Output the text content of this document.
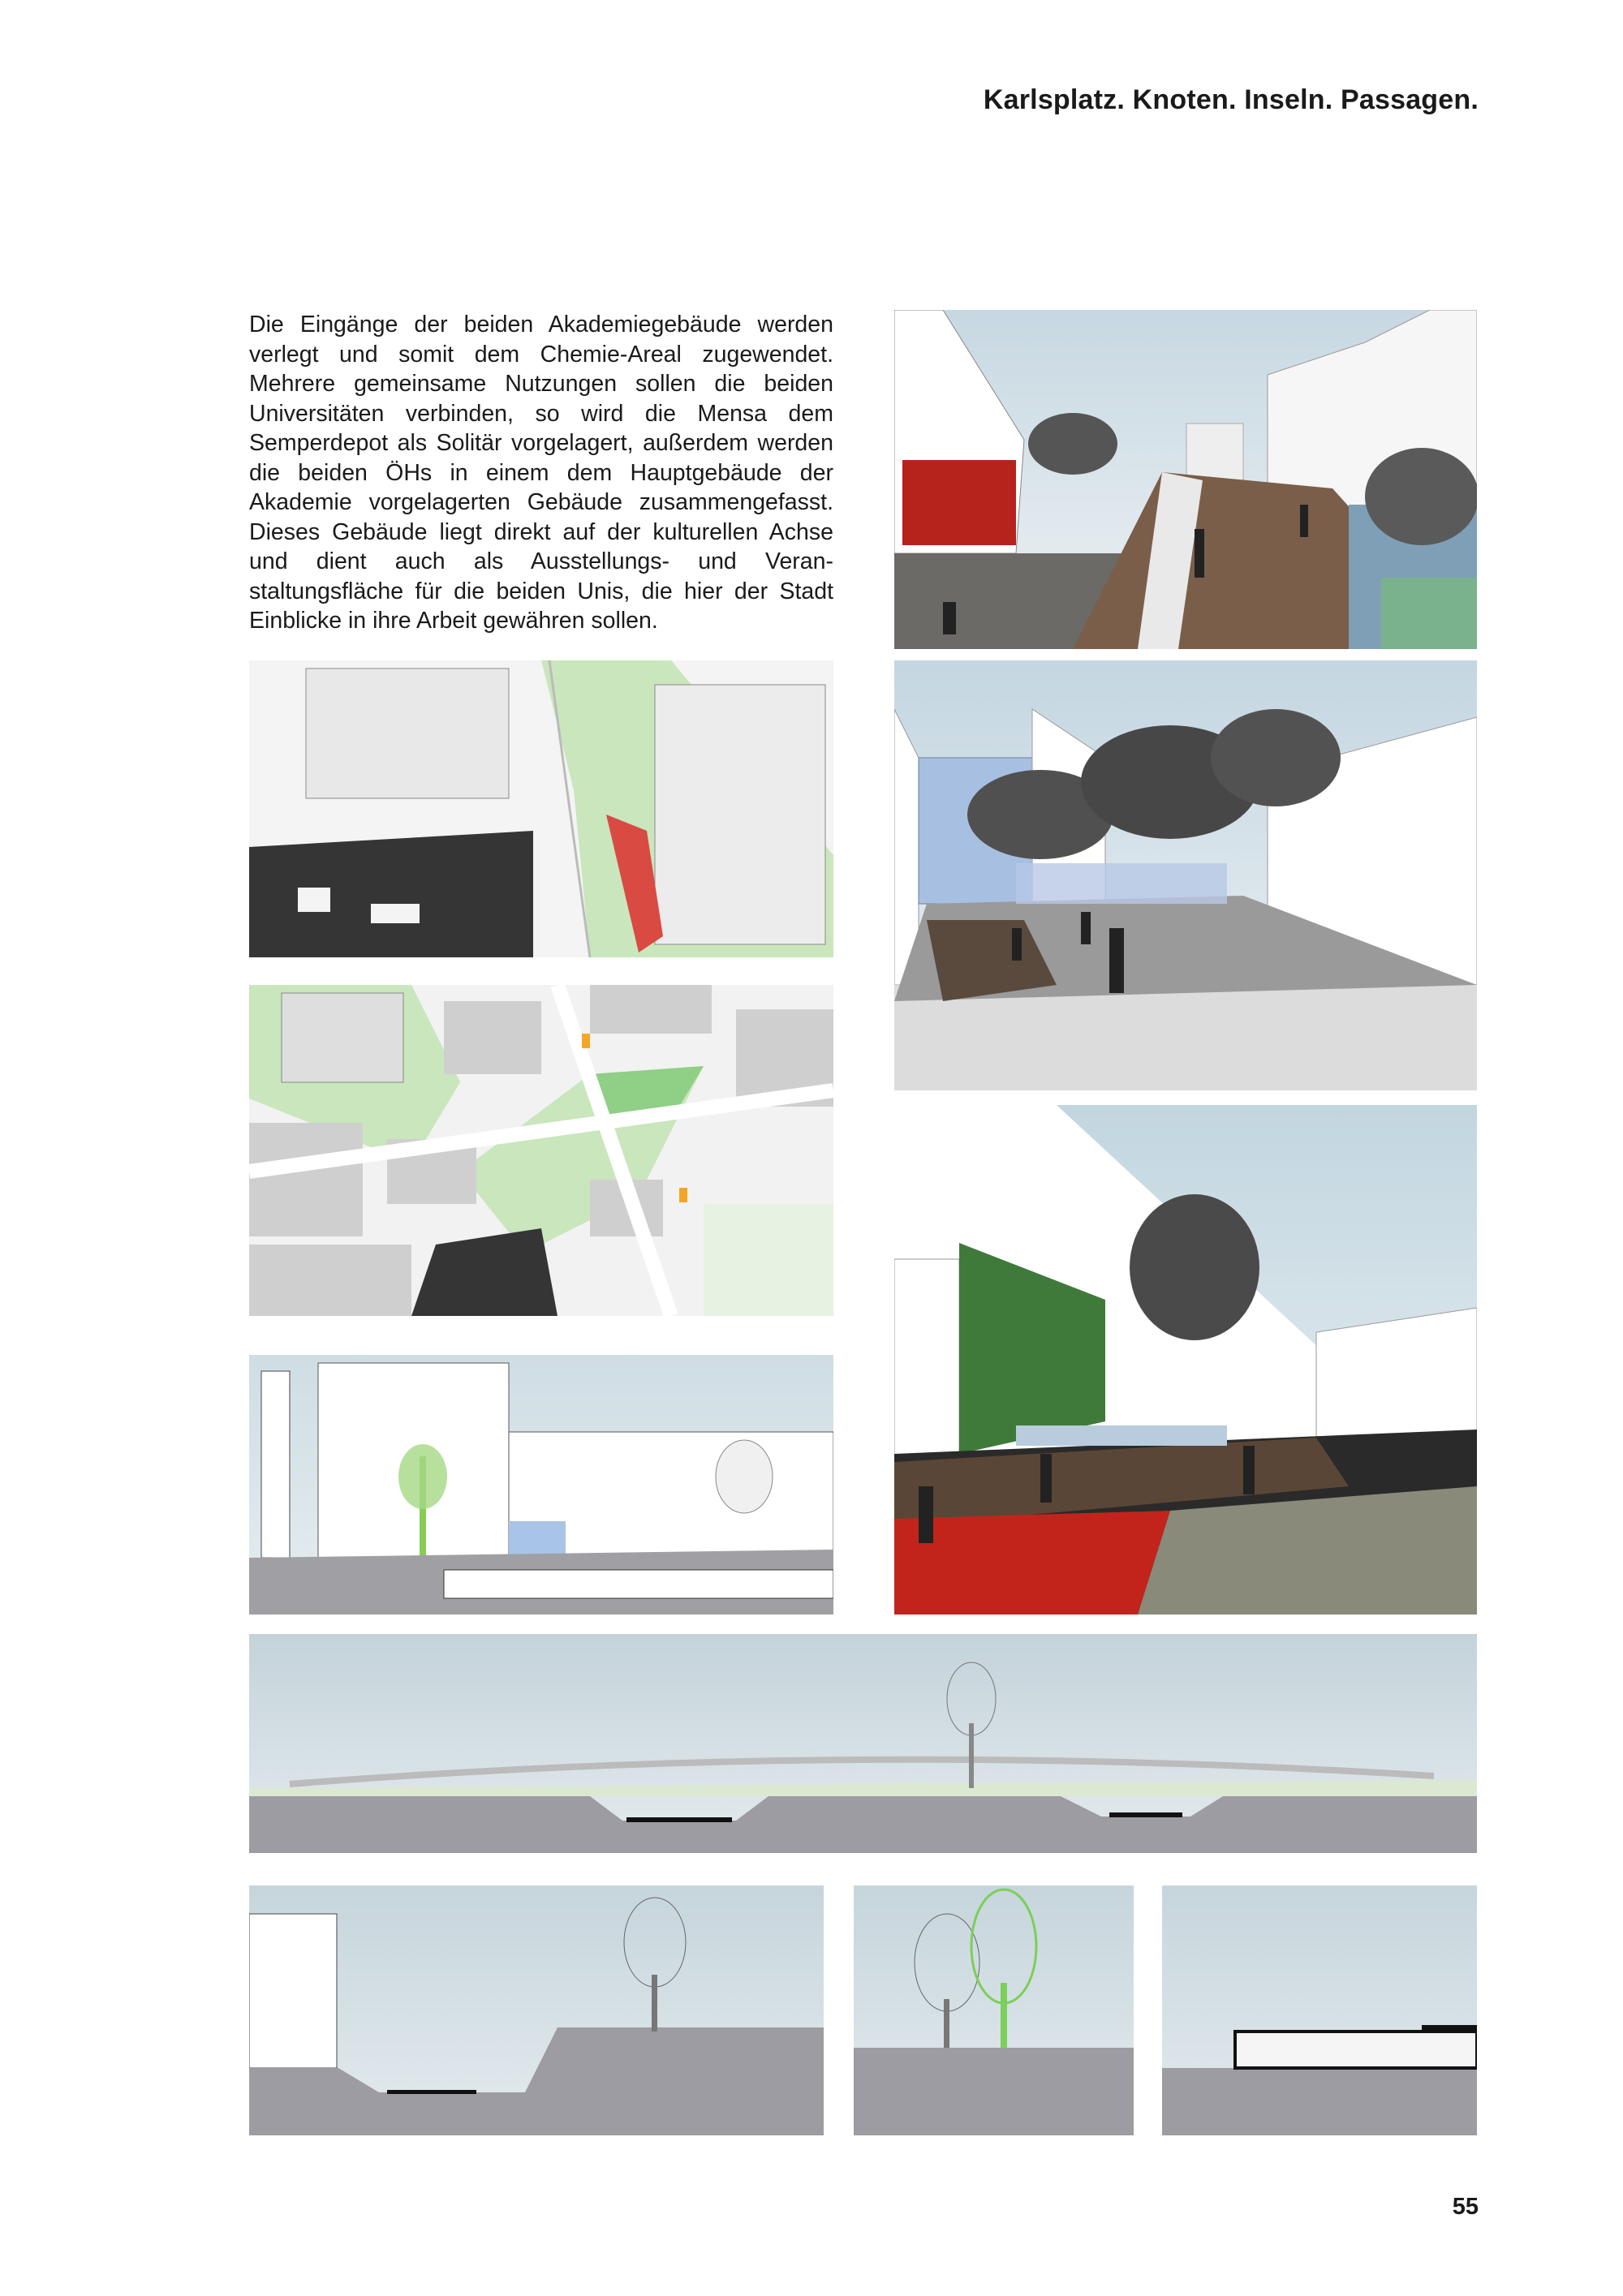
Karlsplatz. Knoten. Inseln. Passagen.
Die Eingänge der beiden Akademiegebäude werden verlegt und somit dem Chemie-Areal zugewendet. Mehrere gemeinsame Nutzungen sollen die beiden Universitäten verbinden, so wird die Mensa dem Semperdepot als Solitär vorgelagert, außerdem werden die beiden ÖHs in einem dem Hauptgebäude der Akademie vorgelagerten Gebäude zusammengefasst. Dieses Gebäude liegt direkt auf der kulturellen Achse und dient auch als Ausstellungs- und Veranstaltungsfläche für die beiden Unis, die hier der Stadt Einblicke in ihre Arbeit gewähren sollen.
55
